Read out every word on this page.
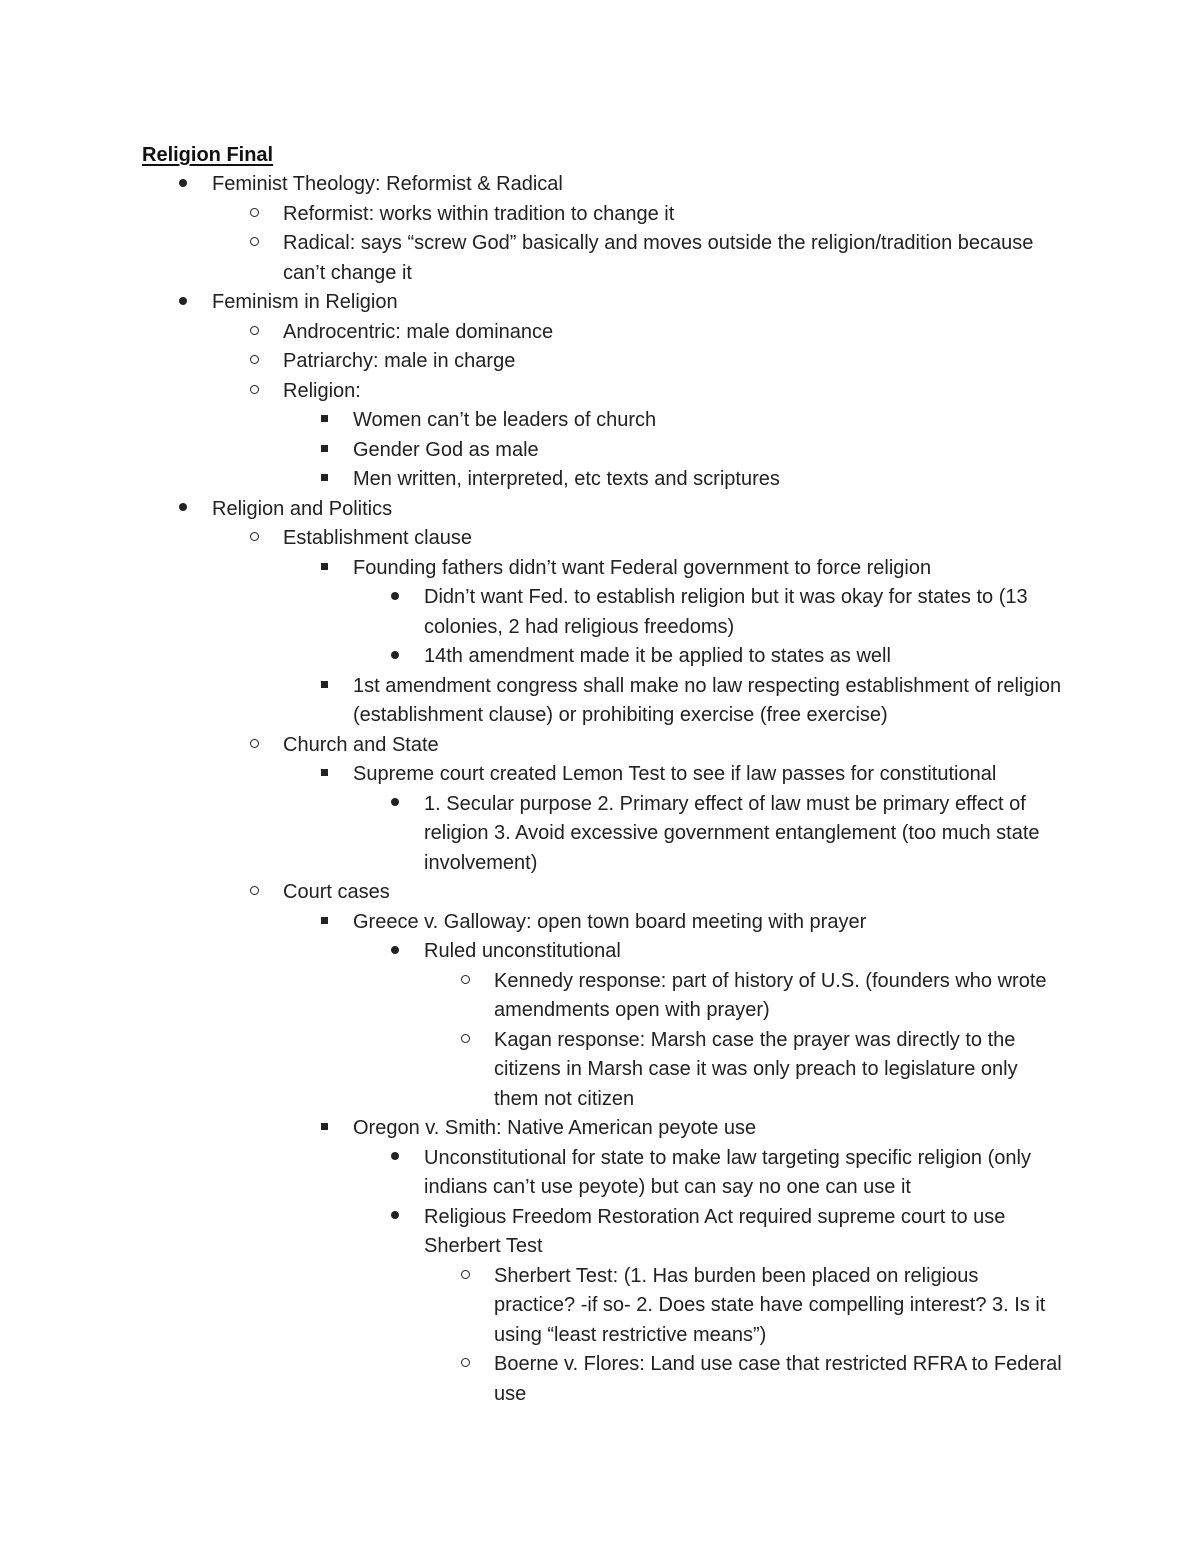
Religion Final
Feminist Theology: Reformist & Radical
Reformist: works within tradition to change it
Radical: says “screw God” basically and moves outside the religion/tradition because can’t change it
Feminism in Religion
Androcentric: male dominance
Patriarchy: male in charge
Religion:
Women can’t be leaders of church
Gender God as male
Men written, interpreted, etc texts and scriptures
Religion and Politics
Establishment clause
Founding fathers didn’t want Federal government to force religion
Didn’t want Fed. to establish religion but it was okay for states to (13 colonies, 2 had religious freedoms)
14th amendment made it be applied to states as well
1st amendment congress shall make no law respecting establishment of religion (establishment clause) or prohibiting exercise (free exercise)
Church and State
Supreme court created Lemon Test to see if law passes for constitutional
1. Secular purpose 2. Primary effect of law must be primary effect of religion 3. Avoid excessive government entanglement (too much state involvement)
Court cases
Greece v. Galloway: open town board meeting with prayer
Ruled unconstitutional
Kennedy response: part of history of U.S. (founders who wrote amendments open with prayer)
Kagan response: Marsh case the prayer was directly to the citizens in Marsh case it was only preach to legislature only them not citizen
Oregon v. Smith: Native American peyote use
Unconstitutional for state to make law targeting specific religion (only indians can’t use peyote) but can say no one can use it
Religious Freedom Restoration Act required supreme court to use Sherbert Test
Sherbert Test: (1. Has burden been placed on religious practice? -if so- 2. Does state have compelling interest? 3. Is it using “least restrictive means”)
Boerne v. Flores: Land use case that restricted RFRA to Federal use
